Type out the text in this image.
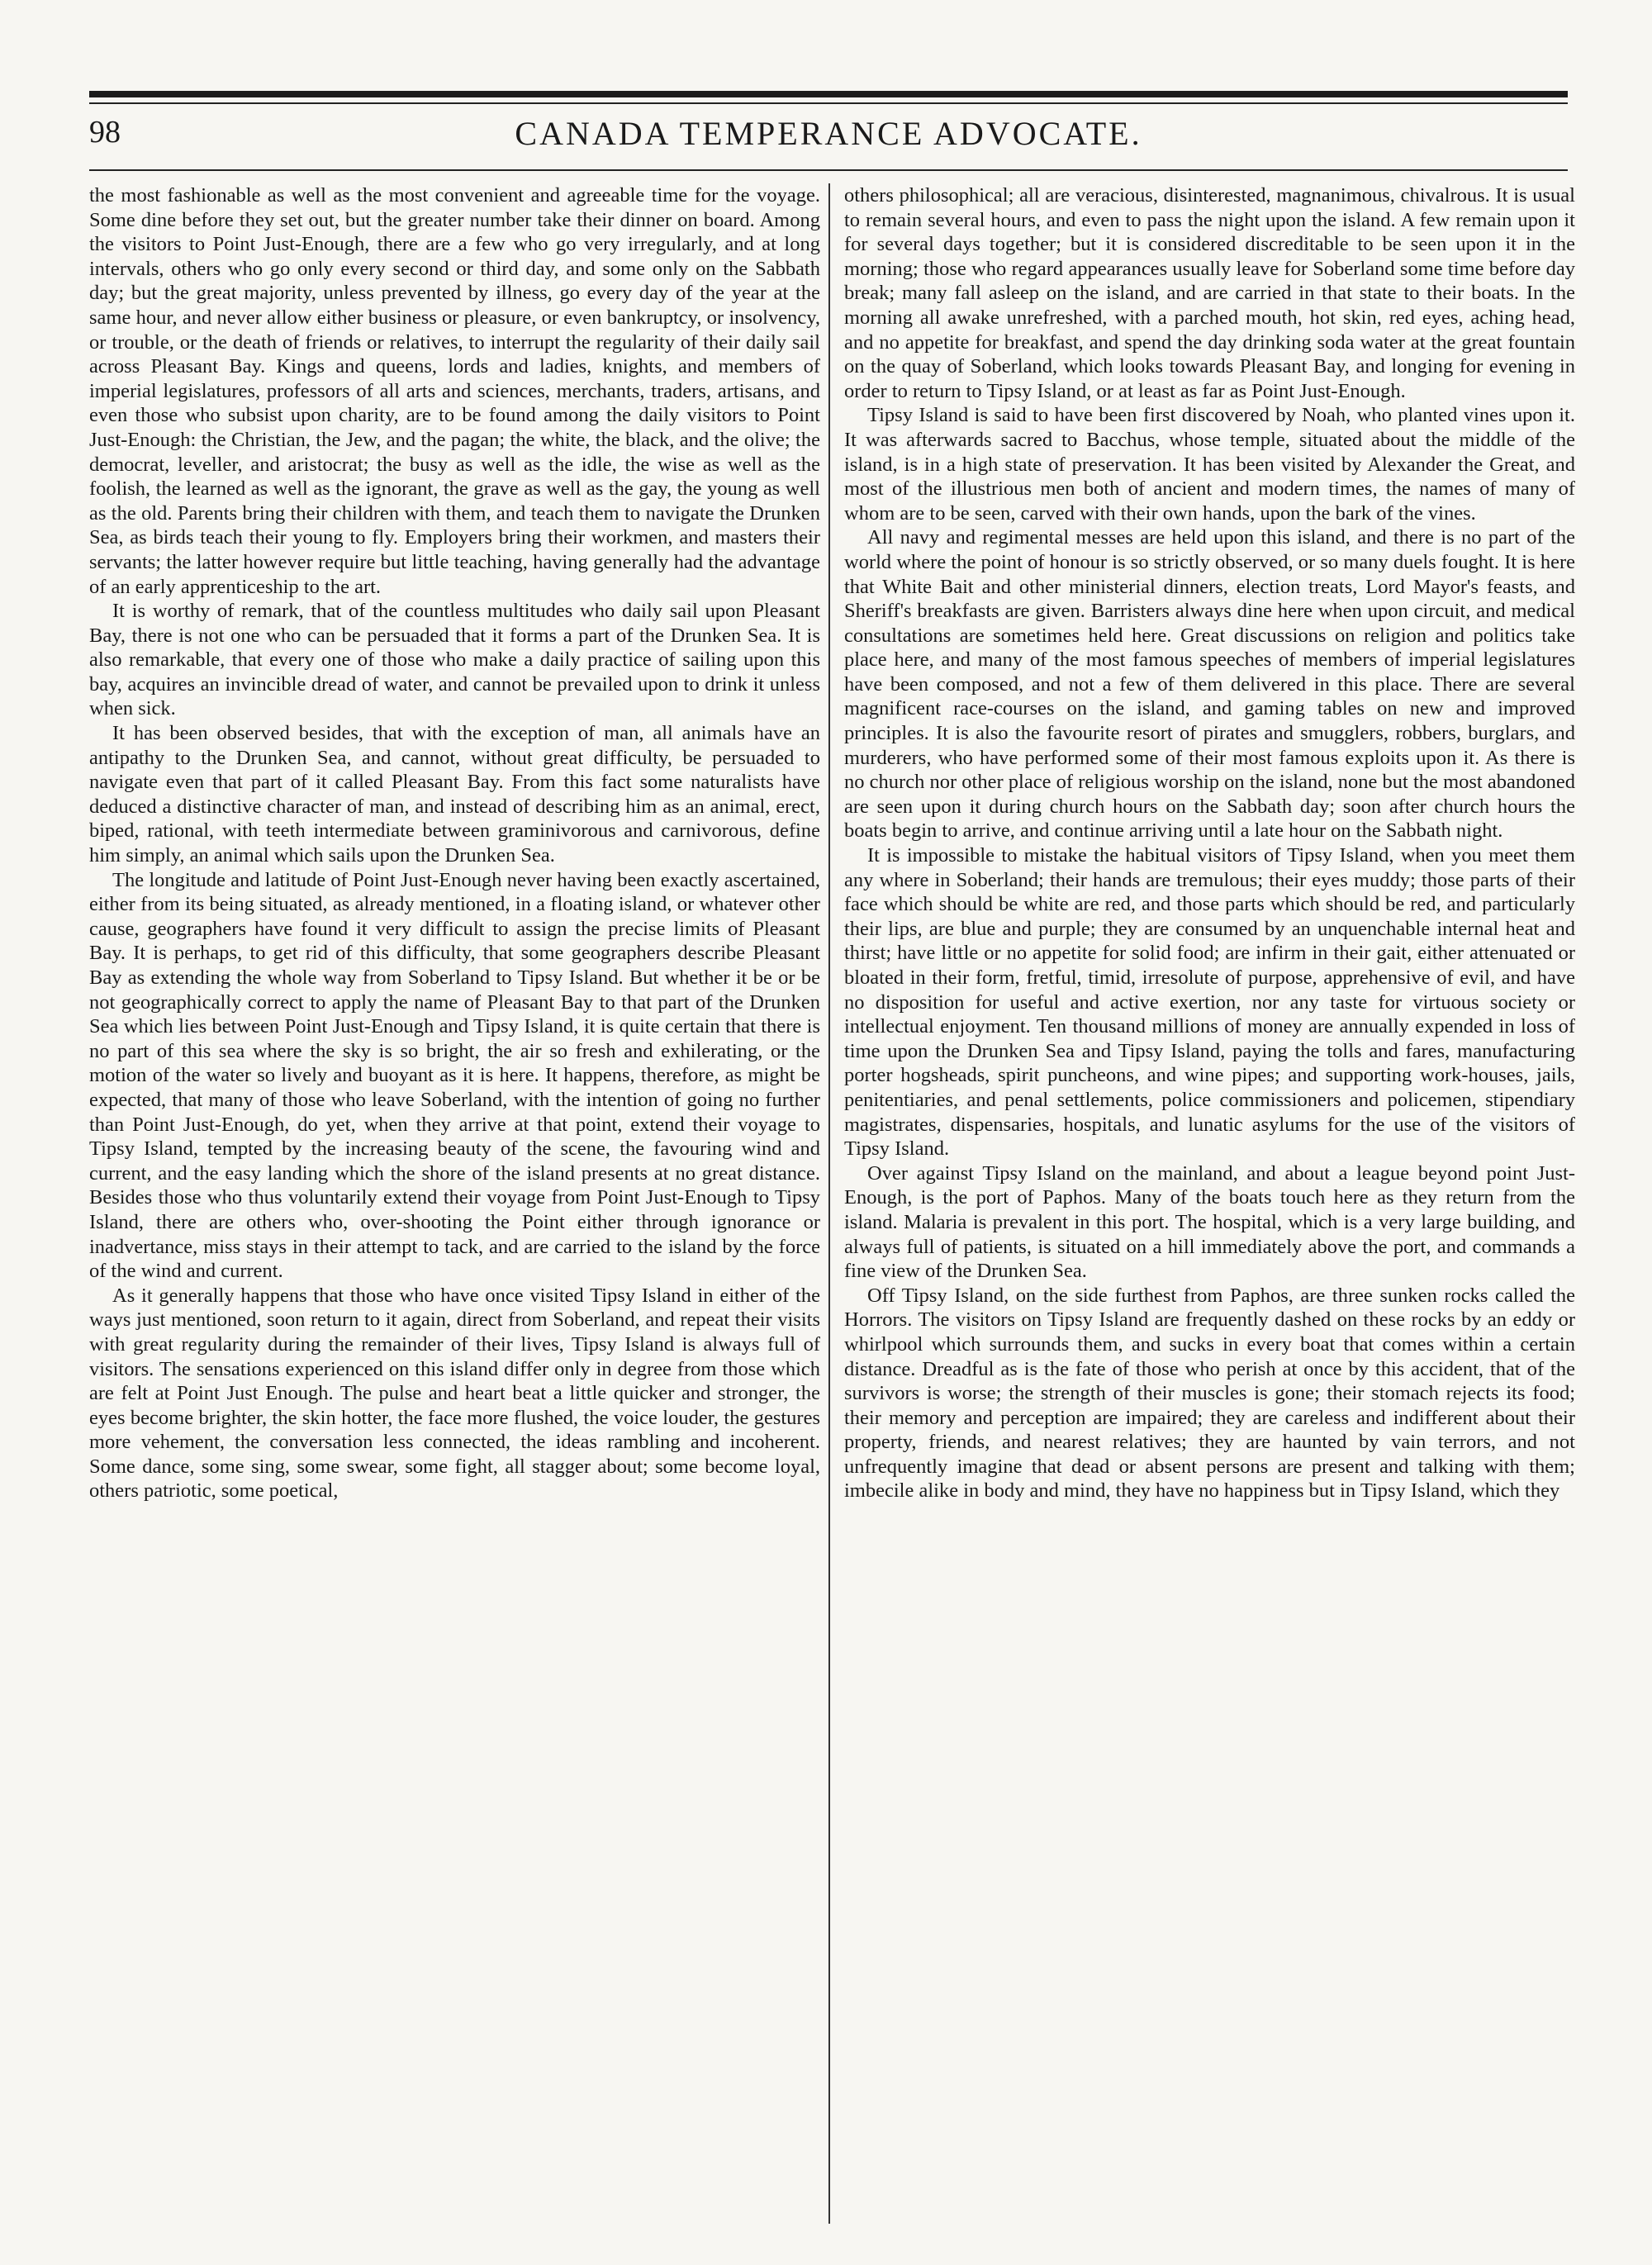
98	CANADA TEMPERANCE ADVOCATE.

the most fashionable as well as the most convenient and agreeable time for the voyage. Some dine before they set out, but the greater number take their dinner on board. Among the visitors to Point Just-Enough, there are a few who go very irregularly, and at long intervals, others who go only every second or third day, and some only on the Sabbath day; but the great majority, unless prevented by illness, go every day of the year at the same hour, and never allow either business or pleasure, or even bankruptcy, or insolvency, or trouble, or the death of friends or relatives, to interrupt the regularity of their daily sail across Pleasant Bay. Kings and queens, lords and ladies, knights, and members of imperial legislatures, professors of all arts and sciences, merchants, traders, artisans, and even those who subsist upon charity, are to be found among the daily visitors to Point Just-Enough: the Christian, the Jew, and the pagan; the white, the black, and the olive; the democrat, leveller, and aristocrat; the busy as well as the idle, the wise as well as the foolish, the learned as well as the ignorant, the grave as well as the gay, the young as well as the old. Parents bring their children with them, and teach them to navigate the Drunken Sea, as birds teach their young to fly. Employers bring their workmen, and masters their servants; the latter however require but little teaching, having generally had the advantage of an early apprenticeship to the art.

It is worthy of remark, that of the countless multitudes who daily sail upon Pleasant Bay, there is not one who can be persuaded that it forms a part of the Drunken Sea. It is also remarkable, that every one of those who make a daily practice of sailing upon this bay, acquires an invincible dread of water, and cannot be prevailed upon to drink it unless when sick.

It has been observed besides, that with the exception of man, all animals have an antipathy to the Drunken Sea, and cannot, without great difficulty, be persuaded to navigate even that part of it called Pleasant Bay. From this fact some naturalists have deduced a distinctive character of man, and instead of describing him as an animal, erect, biped, rational, with teeth intermediate between graminivorous and carnivorous, define him simply, an animal which sails upon the Drunken Sea.

The longitude and latitude of Point Just-Enough never having been exactly ascertained, either from its being situated, as already mentioned, in a floating island, or whatever other cause, geographers have found it very difficult to assign the precise limits of Pleasant Bay. It is perhaps, to get rid of this difficulty, that some geographers describe Pleasant Bay as extending the whole way from Soberland to Tipsy Island. But whether it be or be not geographically correct to apply the name of Pleasant Bay to that part of the Drunken Sea which lies between Point Just-Enough and Tipsy Island, it is quite certain that there is no part of this sea where the sky is so bright, the air so fresh and exhilerating, or the motion of the water so lively and buoyant as it is here. It happens, therefore, as might be expected, that many of those who leave Soberland, with the intention of going no further than Point Just-Enough, do yet, when they arrive at that point, extend their voyage to Tipsy Island, tempted by the increasing beauty of the scene, the favouring wind and current, and the easy landing which the shore of the island presents at no great distance. Besides those who thus voluntarily extend their voyage from Point Just-Enough to Tipsy Island, there are others who, over-shooting the Point either through ignorance or inadvertance, miss stays in their attempt to tack, and are carried to the island by the force of the wind and current.

As it generally happens that those who have once visited Tipsy Island in either of the ways just mentioned, soon return to it again, direct from Soberland, and repeat their visits with great regularity during the remainder of their lives, Tipsy Island is always full of visitors. The sensations experienced on this island differ only in degree from those which are felt at Point Just Enough. The pulse and heart beat a little quicker and stronger, the eyes become brighter, the skin hotter, the face more flushed, the voice louder, the gestures more vehement, the conversation less connected, the ideas rambling and incoherent. Some dance, some sing, some swear, some fight, all stagger about; some become loyal, others patriotic, some poetical,

others philosophical; all are veracious, disinterested, magnanimous, chivalrous. It is usual to remain several hours, and even to pass the night upon the island. A few remain upon it for several days together; but it is considered discreditable to be seen upon it in the morning; those who regard appearances usually leave for Soberland some time before day break; many fall asleep on the island, and are carried in that state to their boats. In the morning all awake unrefreshed, with a parched mouth, hot skin, red eyes, aching head, and no appetite for breakfast, and spend the day drinking soda water at the great fountain on the quay of Soberland, which looks towards Pleasant Bay, and longing for evening in order to return to Tipsy Island, or at least as far as Point Just-Enough.

Tipsy Island is said to have been first discovered by Noah, who planted vines upon it. It was afterwards sacred to Bacchus, whose temple, situated about the middle of the island, is in a high state of preservation. It has been visited by Alexander the Great, and most of the illustrious men both of ancient and modern times, the names of many of whom are to be seen, carved with their own hands, upon the bark of the vines.

All navy and regimental messes are held upon this island, and there is no part of the world where the point of honour is so strictly observed, or so many duels fought. It is here that White Bait and other ministerial dinners, election treats, Lord Mayor's feasts, and Sheriff's breakfasts are given. Barristers always dine here when upon circuit, and medical consultations are sometimes held here. Great discussions on religion and politics take place here, and many of the most famous speeches of members of imperial legislatures have been composed, and not a few of them delivered in this place. There are several magnificent race-courses on the island, and gaming tables on new and improved principles. It is also the favourite resort of pirates and smugglers, robbers, burglars, and murderers, who have performed some of their most famous exploits upon it. As there is no church nor other place of religious worship on the island, none but the most abandoned are seen upon it during church hours on the Sabbath day; soon after church hours the boats begin to arrive, and continue arriving until a late hour on the Sabbath night.

It is impossible to mistake the habitual visitors of Tipsy Island, when you meet them any where in Soberland; their hands are tremulous; their eyes muddy; those parts of their face which should be white are red, and those parts which should be red, and particularly their lips, are blue and purple; they are consumed by an unquenchable internal heat and thirst; have little or no appetite for solid food; are infirm in their gait, either attenuated or bloated in their form, fretful, timid, irresolute of purpose, apprehensive of evil, and have no disposition for useful and active exertion, nor any taste for virtuous society or intellectual enjoyment. Ten thousand millions of money are annually expended in loss of time upon the Drunken Sea and Tipsy Island, paying the tolls and fares, manufacturing porter hogsheads, spirit puncheons, and wine pipes; and supporting work-houses, jails, penitentiaries, and penal settlements, police commissioners and policemen, stipendiary magistrates, dispensaries, hospitals, and lunatic asylums for the use of the visitors of Tipsy Island.

Over against Tipsy Island on the mainland, and about a league beyond point Just-Enough, is the port of Paphos. Many of the boats touch here as they return from the island. Malaria is prevalent in this port. The hospital, which is a very large building, and always full of patients, is situated on a hill immediately above the port, and commands a fine view of the Drunken Sea.

Off Tipsy Island, on the side furthest from Paphos, are three sunken rocks called the Horrors. The visitors on Tipsy Island are frequently dashed on these rocks by an eddy or whirlpool which surrounds them, and sucks in every boat that comes within a certain distance. Dreadful as is the fate of those who perish at once by this accident, that of the survivors is worse; the strength of their muscles is gone; their stomach rejects its food; their memory and perception are impaired; they are careless and indifferent about their property, friends, and nearest relatives; they are haunted by vain terrors, and not unfrequently imagine that dead or absent persons are present and talking with them; imbecile alike in body and mind, they have no happiness but in Tipsy Island, which they
